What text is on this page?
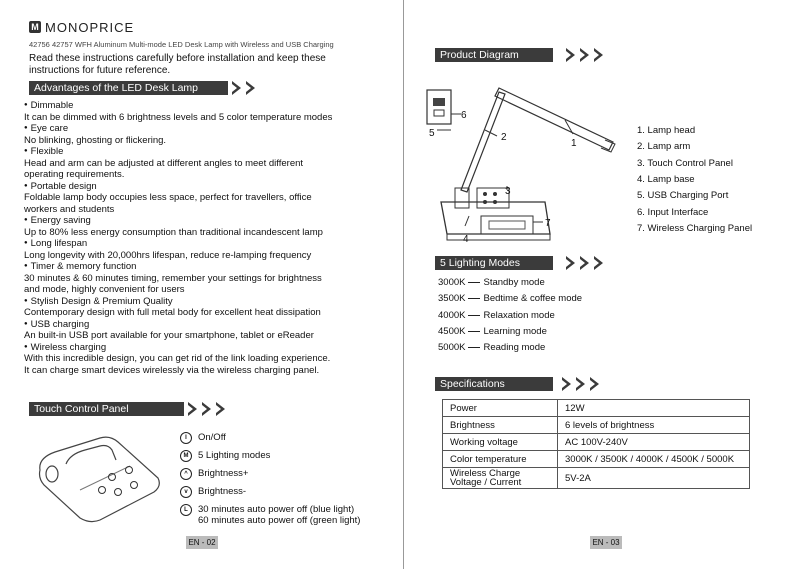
M MONOPRICE
42756 42757 WFH Aluminum Multi-mode LED Desk Lamp with Wireless and USB Charging
Read these instructions carefully before installation and keep these
instructions for future reference.
Advantages of the LED Desk Lamp
● Dimmable
It can be dimmed with 6 brightness levels and 5 color temperature modes
● Eye care
No blinking, ghosting or flickering.
● Flexible
Head and arm can be adjusted at different angles to meet different
operating requirements.
● Portable design
Foldable lamp body occupies less space, perfect for travellers, office
workers and students
● Energy saving
Up to 80% less energy consumption than traditional incandescent lamp
● Long lifespan
Long longevity with 20,000hrs lifespan, reduce re-lamping frequency
● Timer & memory function
30 minutes & 60 minutes timing, remember your settings for brightness
and mode, highly convenient for users
● Stylish Design & Premium Quality
Contemporary design with full metal body for excellent heat dissipation
● USB charging
An built-in USB port available for your smartphone, tablet or eReader
● Wireless charging
With this incredible design, you can get rid of the link loading experience.
It can charge smart devices wirelessly via the wireless charging panel.
Touch Control Panel
I	On/Off
M	5 Lighting modes
^	Brightness+
v	Brightness-
L	30 minutes auto power off (blue light)
60 minutes auto power off (green light)
EN - 02
Product Diagram
6
5
1
2
3
4
7
1. Lamp head
2. Lamp arm
3. Touch Control Panel
4. Lamp base
5. USB Charging Port
6. Input Interface
7. Wireless Charging Panel
5 Lighting Modes
3000K Standby mode
3500K Bedtime & coffee mode
4000K Relaxation mode
4500K Learning mode
5000K Reading mode
Specifications
Power	12W

Brightness	6 levels of brightness

Working voltage	AC 100V-240V

Color temperature	3000K / 3500K / 4000K / 4500K / 5000K

Wireless Charge
Voltage / Current	5V-2A
EN - 03
